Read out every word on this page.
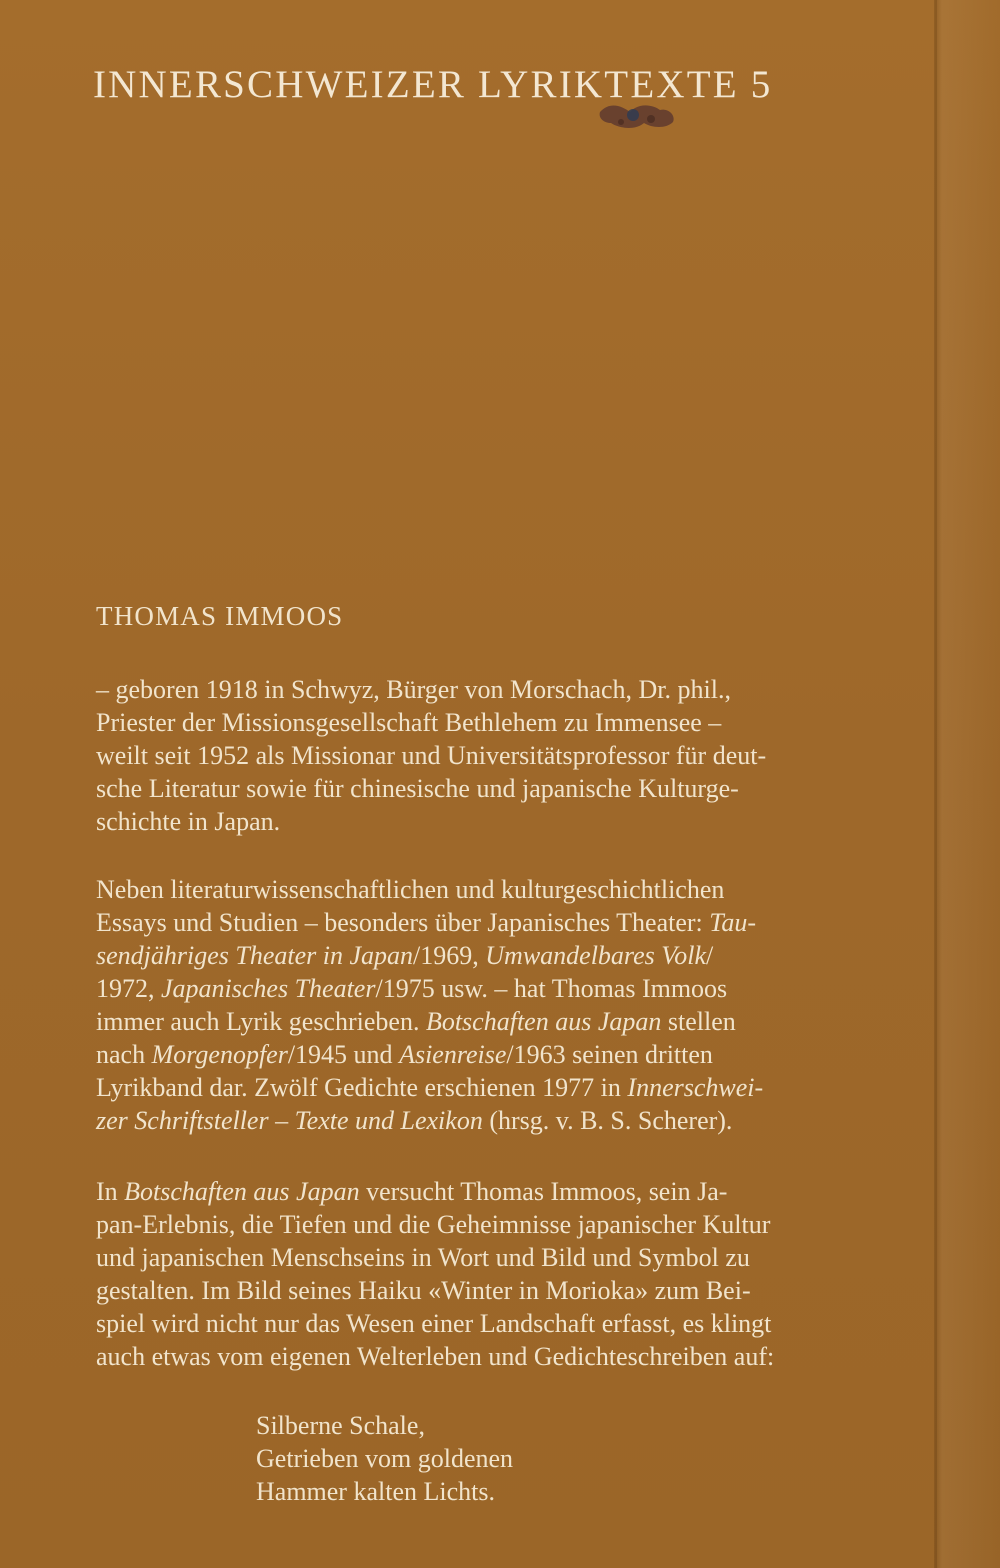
INNERSCHWEIZER LYRIKTEXTE 5
THOMAS IMMOOS
– geboren 1918 in Schwyz, Bürger von Morschach, Dr. phil.,
Priester der Missionsgesellschaft Bethlehem zu Immensee –
weilt seit 1952 als Missionar und Universitätsprofessor für deut-
sche Literatur sowie für chinesische und japanische Kulturge-
schichte in Japan.
Neben literaturwissenschaftlichen und kulturgeschichtlichen
Essays und Studien – besonders über Japanisches Theater: Tau-
sendjähriges Theater in Japan/1969, Umwandelbares Volk/
1972, Japanisches Theater/1975 usw. – hat Thomas Immoos
immer auch Lyrik geschrieben. Botschaften aus Japan stellen
nach Morgenopfer/1945 und Asienreise/1963 seinen dritten
Lyrikband dar. Zwölf Gedichte erschienen 1977 in Innerschwei-
zer Schriftsteller – Texte und Lexikon (hrsg. v. B. S. Scherer).
In Botschaften aus Japan versucht Thomas Immoos, sein Ja-
pan-Erlebnis, die Tiefen und die Geheimnisse japanischer Kultur
und japanischen Menschseins in Wort und Bild und Symbol zu
gestalten. Im Bild seines Haiku «Winter in Morioka» zum Bei-
spiel wird nicht nur das Wesen einer Landschaft erfasst, es klingt
auch etwas vom eigenen Welterleben und Gedichteschreiben auf:
Silberne Schale,
Getrieben vom goldenen
Hammer kalten Lichts.
